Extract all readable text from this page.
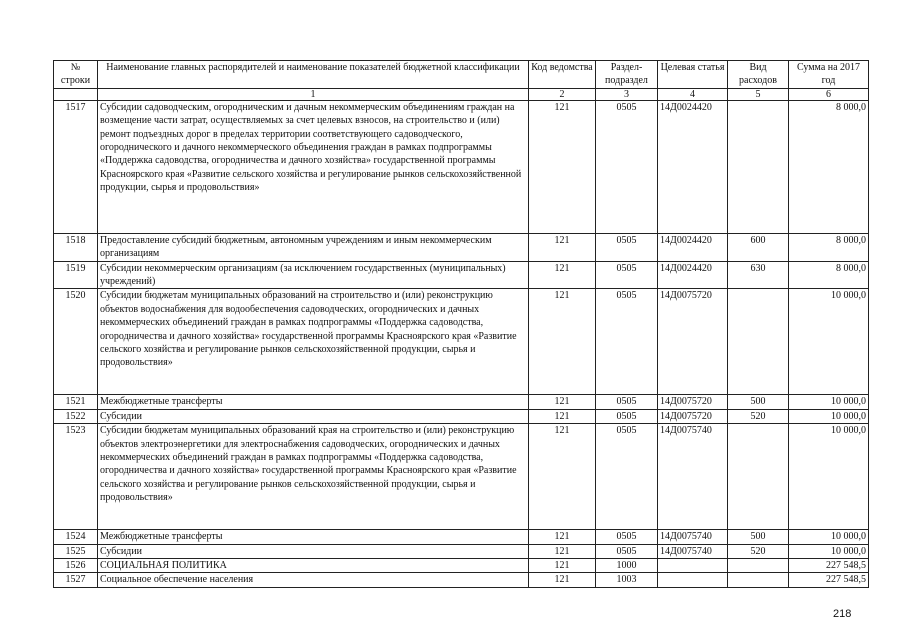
№ строки	Наименование главных распорядителей и наименование показателей бюджетной классификации	Код ведомства	Раздел-подраздел	Целевая статья	Вид расходов	Сумма на 2017 год
	1	2	3	4	5	6
1517	Субсидии садоводческим, огородническим и дачным некоммерческим объединениям граждан на возмещение части затрат, осуществляемых за счет целевых взносов, на строительство и (или) ремонт подъездных дорог в пределах территории соответствующего садоводческого, огороднического и дачного некоммерческого объединения граждан в рамках подпрограммы «Поддержка садоводства, огородничества и дачного хозяйства» государственной программы Красноярского края «Развитие сельского хозяйства и регулирование рынков сельскохозяйственной продукции, сырья и продовольствия»	121	0505	14Д0024420		8 000,0
1518	Предоставление субсидий бюджетным, автономным учреждениям и иным некоммерческим организациям	121	0505	14Д0024420	600	8 000,0
1519	Субсидии некоммерческим организациям (за исключением государственных (муниципальных) учреждений)	121	0505	14Д0024420	630	8 000,0
1520	Субсидии бюджетам муниципальных образований на строительство и (или) реконструкцию объектов водоснабжения для водообеспечения садоводческих, огороднических и дачных некоммерческих объединений граждан в рамках подпрограммы «Поддержка садоводства, огородничества и дачного хозяйства» государственной программы Красноярского края «Развитие сельского хозяйства и регулирование рынков сельскохозяйственной продукции, сырья и продовольствия»	121	0505	14Д0075720		10 000,0
1521	Межбюджетные трансферты	121	0505	14Д0075720	500	10 000,0
1522	Субсидии	121	0505	14Д0075720	520	10 000,0
1523	Субсидии бюджетам муниципальных образований края на строительство и (или) реконструкцию объектов электроэнергетики для электроснабжения садоводческих, огороднических и дачных некоммерческих объединений граждан в рамках подпрограммы «Поддержка садоводства, огородничества и дачного хозяйства» государственной программы Красноярского края «Развитие сельского хозяйства и регулирование рынков сельскохозяйственной продукции, сырья и продовольствия»	121	0505	14Д0075740		10 000,0
1524	Межбюджетные трансферты	121	0505	14Д0075740	500	10 000,0
1525	Субсидии	121	0505	14Д0075740	520	10 000,0
1526	СОЦИАЛЬНАЯ ПОЛИТИКА	121	1000			227 548,5
1527	Социальное обеспечение населения	121	1003			227 548,5
218
